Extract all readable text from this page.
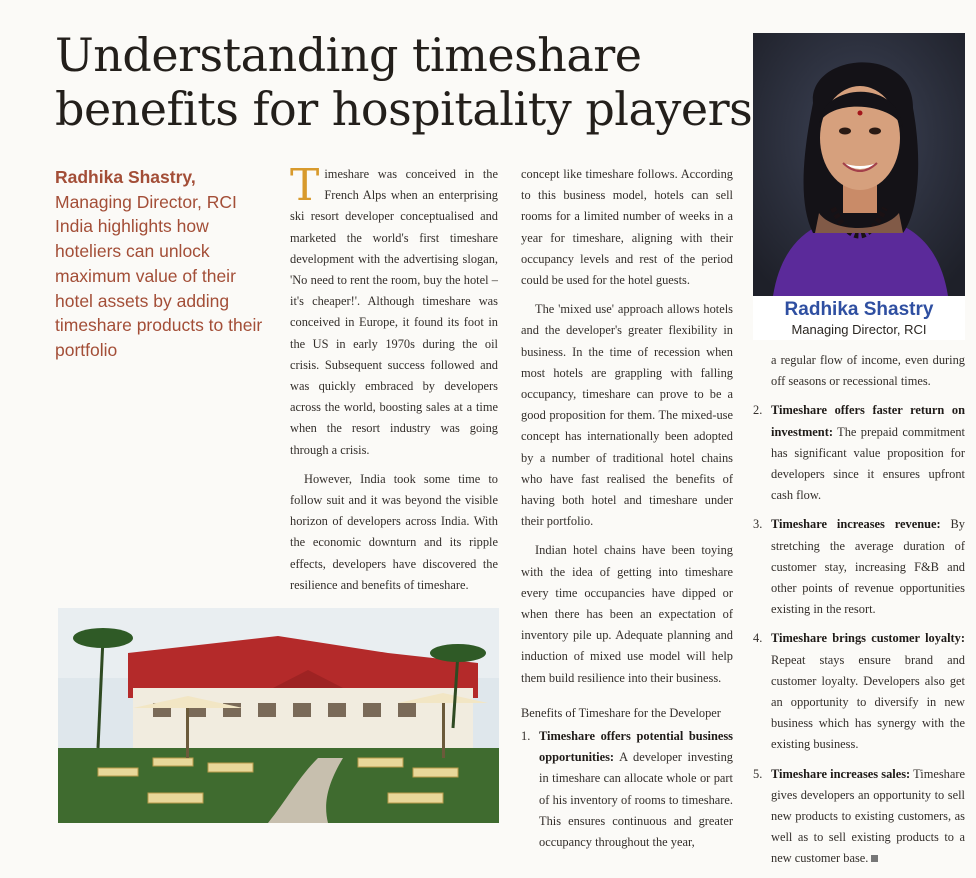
Understanding timeshare
benefits for hospitality players
Radhika Shastry, Managing Director, RCI India highlights how hoteliers can unlock maximum value of their hotel assets by adding timeshare products to their portfolio

Timeshare was conceived in the French Alps when an enterprising ski resort developer conceptualised and marketed the world's first timeshare development with the advertising slogan, 'No need to rent the room, buy the hotel – it's cheaper!'. Although timeshare was conceived in Europe, it found its foot in the US in early 1970s during the oil crisis. Subsequent success followed and was quickly embraced by developers across the world, boosting sales at a time when the resort industry was going through a crisis.

However, India took some time to follow suit and it was beyond the visible horizon of developers across India. With the economic downturn and its ripple effects, developers have discovered the resilience and benefits of timeshare.

concept like timeshare follows. According to this business model, hotels can sell rooms for a limited number of weeks in a year for timeshare, aligning with their occupancy levels and rest of the period could be used for the hotel guests.

The 'mixed use' approach allows hotels and the developer's greater flexibility in business. In the time of recession when most hotels are grappling with falling occupancy, timeshare can prove to be a good proposition for them. The mixed-use concept has internationally been adopted by a number of traditional hotel chains who have fast realised the benefits of having both hotel and timeshare under their portfolio.

Indian hotel chains have been toying with the idea of getting into timeshare every time occupancies have dipped or when there has been an expectation of inventory pile up. Adequate planning and induction of mixed use model will help them build resilience into their business.

Benefits of Timeshare for the Developer

1. Timeshare offers potential business opportunities: A developer investing in timeshare can allocate whole or part of his inventory of rooms to timeshare. This ensures continuous and greater occupancy throughout the year,
Radhika Shastry
Managing Director, RCI

a regular flow of income, even during off seasons or recessional times.

2. Timeshare offers faster return on investment: The prepaid commitment has significant value proposition for developers since it ensures upfront cash flow.
3. Timeshare increases revenue: By stretching the average duration of customer stay, increasing F&B and other points of revenue opportunities existing in the resort.
4. Timeshare brings customer loyalty: Repeat stays ensure brand and customer loyalty. Developers also get an opportunity to diversify in new business which has synergy with the existing business.
5. Timeshare increases sales: Timeshare gives developers an opportunity to sell new products to existing customers, as well as to sell existing products to a new customer base.
